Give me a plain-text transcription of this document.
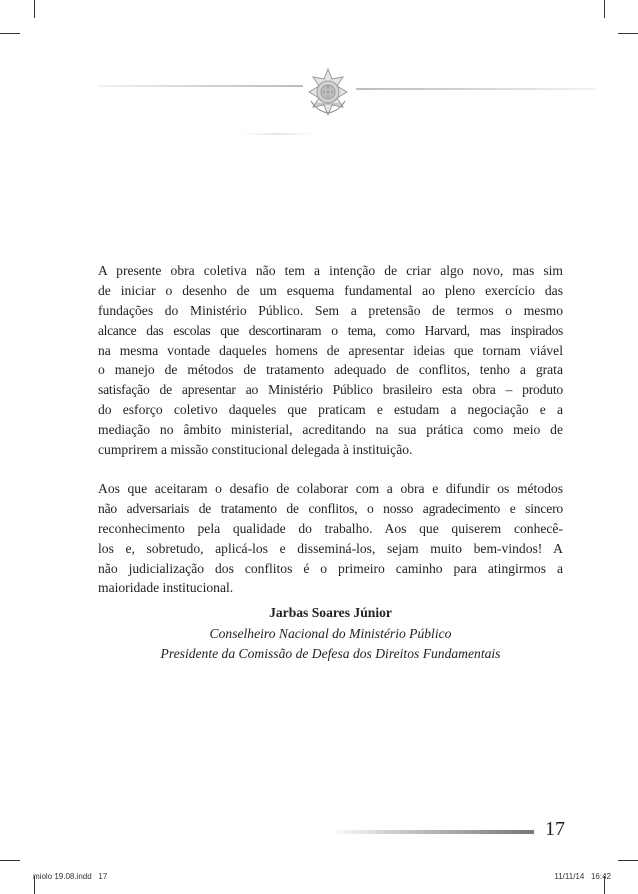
A presente obra coletiva não tem a intenção de criar algo novo, mas sim
de iniciar o desenho de um esquema fundamental ao pleno exercício das
fundações do Ministério Público. Sem a pretensão de termos o mesmo
alcance das escolas que descortinaram o tema, como Harvard, mas inspirados
na mesma vontade daqueles homens de apresentar ideias que tornam viável
o manejo de métodos de tratamento adequado de conflitos, tenho a grata
satisfação de apresentar ao Ministério Público brasileiro esta obra – produto
do esforço coletivo daqueles que praticam e estudam a negociação e a
mediação no âmbito ministerial, acreditando na sua prática como meio de
cumprirem a missão constitucional delegada à instituição.
Aos que aceitaram o desafio de colaborar com a obra e difundir os métodos
não adversariais de tratamento de conflitos, o nosso agradecimento e sincero
reconhecimento pela qualidade do trabalho. Aos que quiserem conhecê-
los e, sobretudo, aplicá-los e disseminá-los, sejam muito bem-vindos! A
não judicialização dos conflitos é o primeiro caminho para atingirmos a
maioridade institucional.
Jarbas Soares Júnior
Conselheiro Nacional do Ministério Público
Presidente da Comissão de Defesa dos Direitos Fundamentais
17
miolo 19.08.indd   17	11/11/14   16:42
